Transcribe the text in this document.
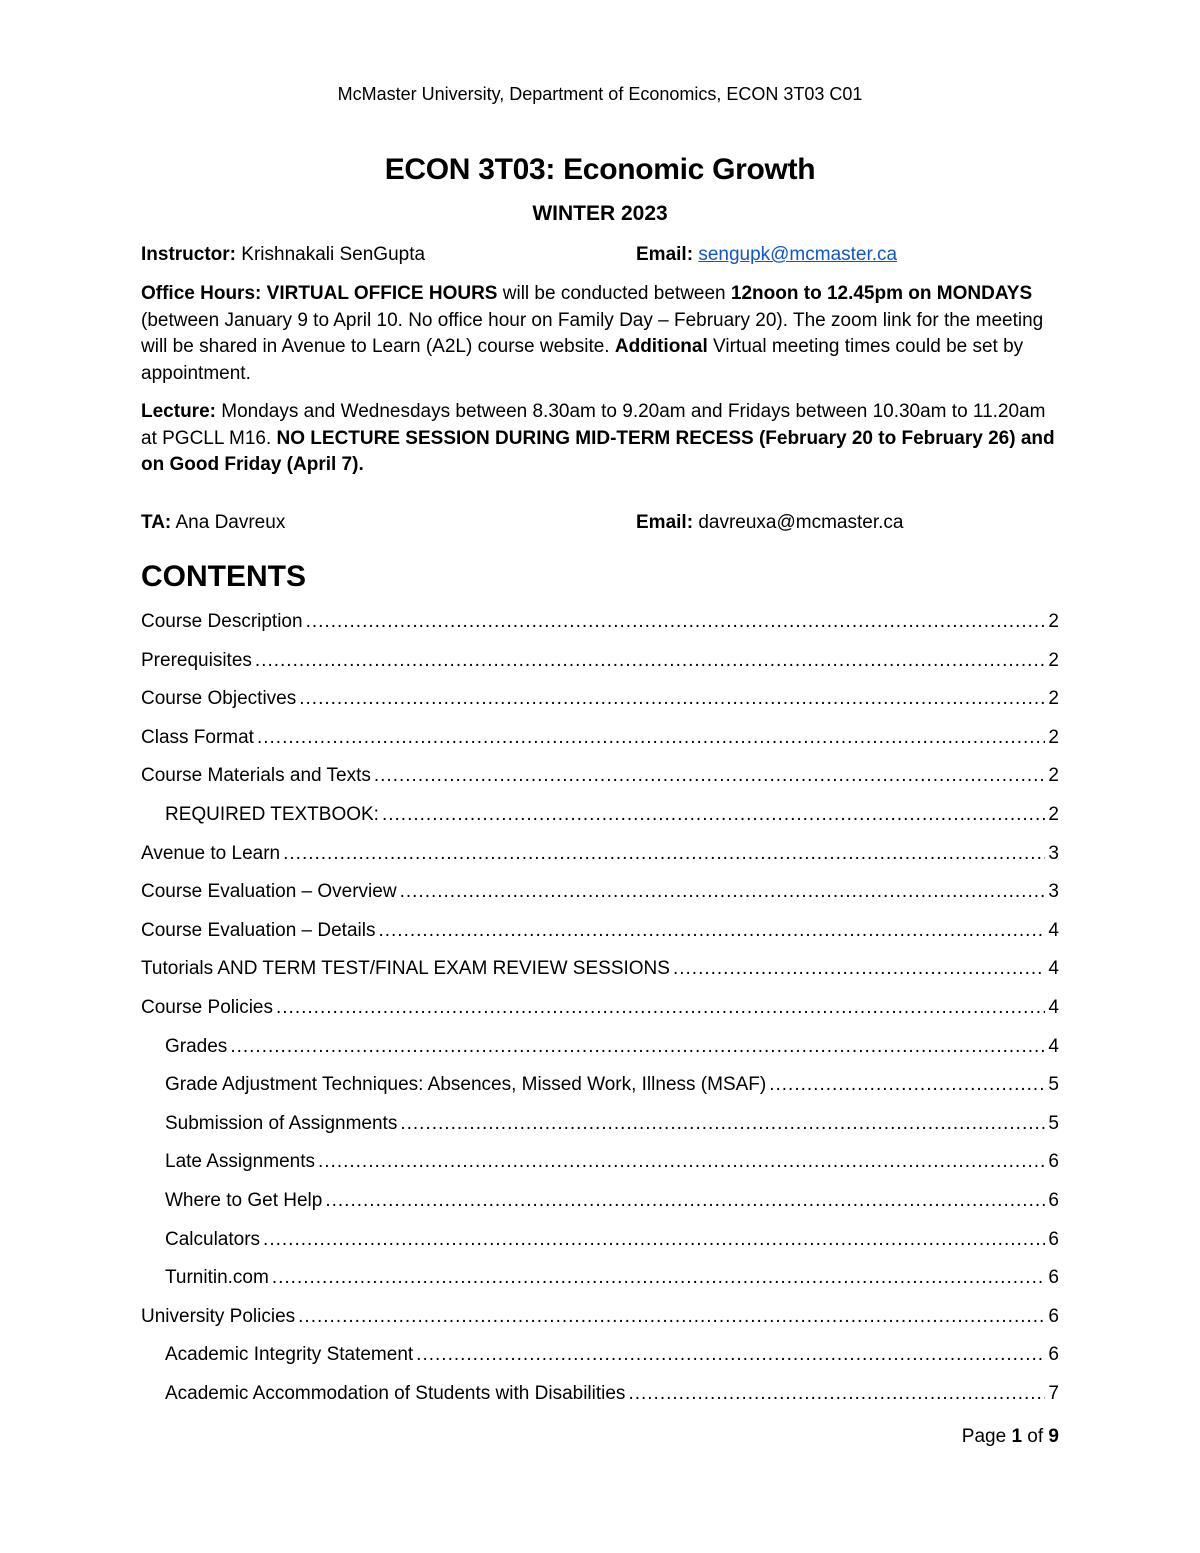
McMaster University, Department of Economics, ECON 3T03 C01
ECON 3T03: Economic Growth
WINTER 2023
Instructor: Krishnakali SenGupta	Email: sengupk@mcmaster.ca
Office Hours: VIRTUAL OFFICE HOURS will be conducted between 12noon to 12.45pm on MONDAYS (between January 9 to April 10. No office hour on Family Day – February 20). The zoom link for the meeting will be shared in Avenue to Learn (A2L) course website. Additional Virtual meeting times could be set by appointment.
Lecture: Mondays and Wednesdays between 8.30am to 9.20am and Fridays between 10.30am to 11.20am at PGCLL M16. NO LECTURE SESSION DURING MID-TERM RECESS (February 20 to February 26) and on Good Friday (April 7).
TA: Ana Davreux	Email: davreuxa@mcmaster.ca
CONTENTS
Course Description .....	2
Prerequisites .....	2
Course Objectives .....	2
Class Format .....	2
Course Materials and Texts .....	2
REQUIRED TEXTBOOK: .....	2
Avenue to Learn .....	3
Course Evaluation – Overview .....	3
Course Evaluation – Details .....	4
Tutorials AND TERM TEST/FINAL EXAM REVIEW SESSIONS .....	4
Course Policies .....	4
Grades .....	4
Grade Adjustment Techniques: Absences, Missed Work, Illness (MSAF) .....	5
Submission of Assignments .....	5
Late Assignments .....	6
Where to Get Help .....	6
Calculators .....	6
Turnitin.com .....	6
University Policies .....	6
Academic Integrity Statement .....	6
Academic Accommodation of Students with Disabilities .....	7
Page 1 of 9
